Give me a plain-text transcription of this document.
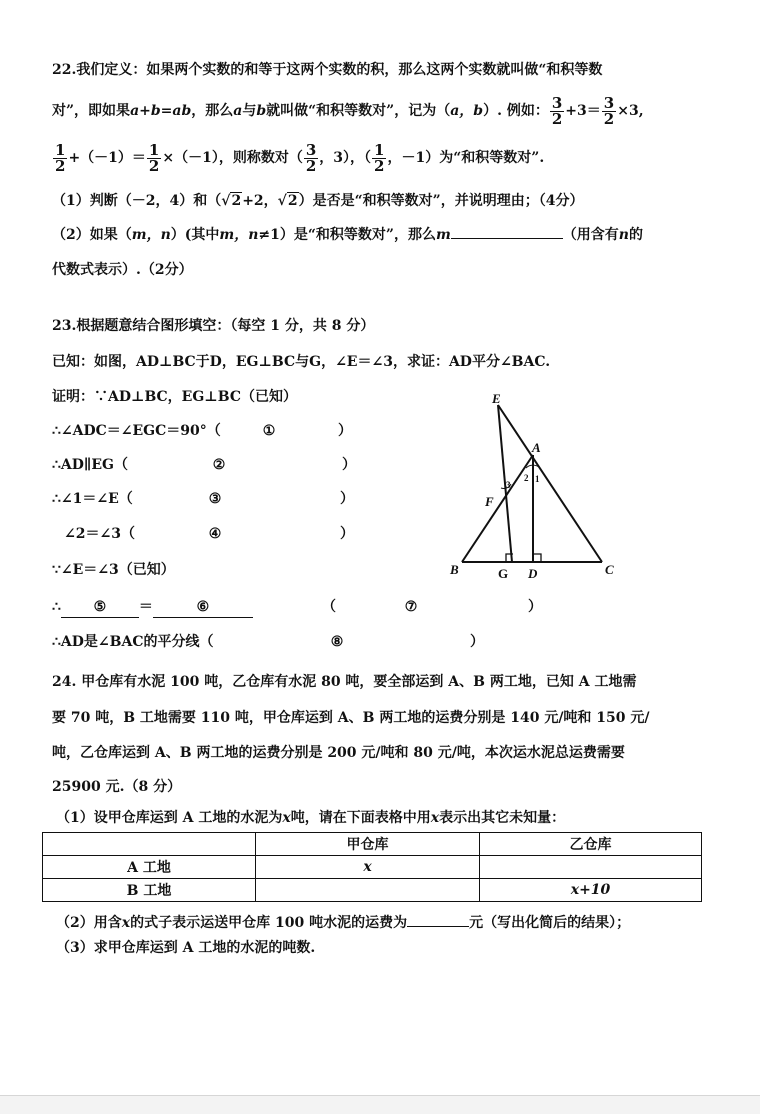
22.我们定义：如果两个实数的和等于这两个实数的积，那么这两个实数就叫做“和积等数
对”，即如果a+b=ab，那么a与b就叫做“和积等数对”，记为（a，b）. 例如： $\frac{3}{2} +3= \frac{3}{2} \times 3$,
$\frac{1}{2} +(-1)= \frac{1}{2} \times(-1)$，则称数对（ $\frac{3}{2}$ ，3），（ $\frac{1}{2}$ ，－1）为“和积等数对”.
（1）判断（－2，4）和（√2+2，√2）是否是“和积等数对”，并说明理由；（4分）
（2）如果（m，n）(其中m，n≠1）是“和积等数对”，那么m	（用含有n的
代数式表示）.（2分）
23.根据题意结合图形填空：（每空 1 分，共 8 分）
已知：如图，AD⊥BC于D，EG⊥BC与G，∠E＝∠3，求证：AD平分∠BAC.
证明：∵AD⊥BC，EG⊥BC（已知）
∴∠ADC＝∠EGC＝90°（	①	）
∴AD∥EG（	②	）
∴∠1＝∠E（	③	）
∠2＝∠3（	④	）
∵∠E＝∠3（已知）
∴ ⑤ ＝	⑥	（	⑦	）
∴AD是∠BAC的平分线（	⑧	）
E
A
F
B	G D	C
1
2
3
24. 甲仓库有水泥 100 吨，乙仓库有水泥 80 吨，要全部运到 A、B 两工地，已知 A 工地需
要 70 吨，B 工地需要 110 吨，甲仓库运到 A、B 两工地的运费分别是 140 元/吨和 150 元/
吨，乙仓库运到 A、B 两工地的运费分别是 200 元/吨和 80 元/吨，本次运水泥总运费需要
25900 元.（8 分）
（1）设甲仓库运到 A 工地的水泥为x吨，请在下面表格中用x表示出其它未知量：
	甲仓库	乙仓库
A 工地	x	
B 工地		x+10
（2）用含x的式子表示运送甲仓库 100 吨水泥的运费为	元（写出化简后的结果）；
（3）求甲仓库运到 A 工地的水泥的吨数.
